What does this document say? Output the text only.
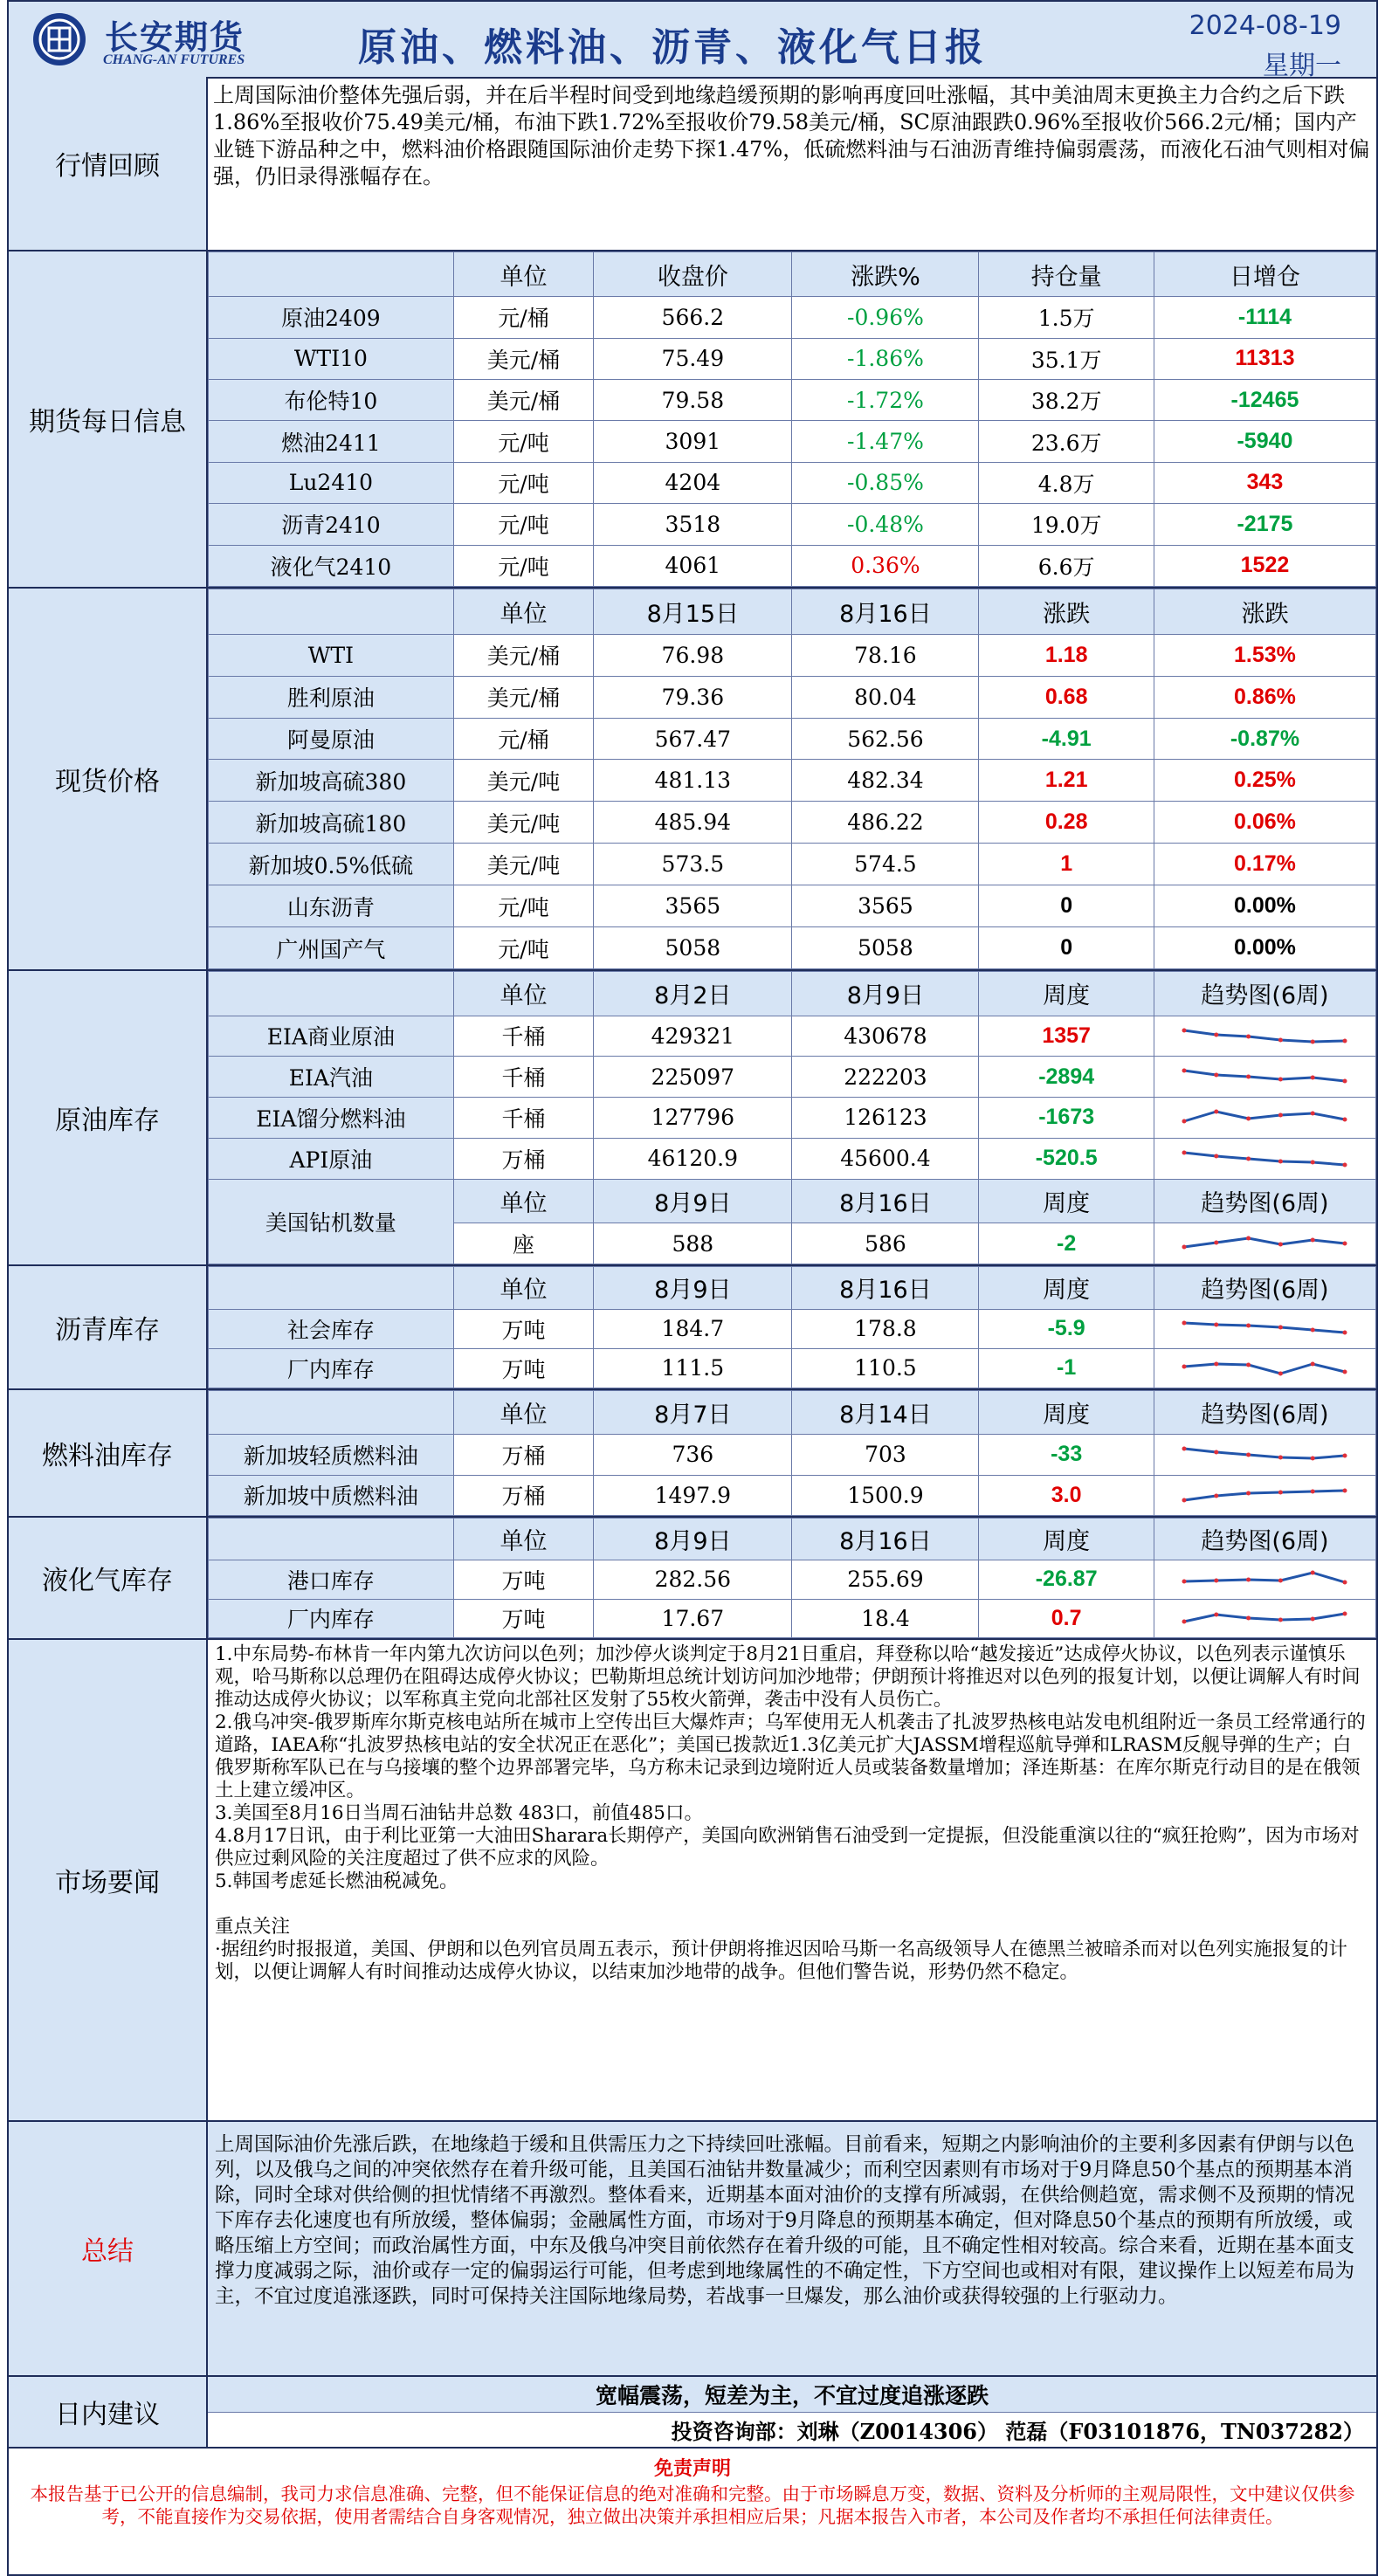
长安期货
CHANG-AN FUTURES	原油、燃料油、沥青、液化气日报	2024-08-19
星期一
行情回顾
上周国际油价整体先强后弱，并在后半程时间受到地缘趋缓预期的影响再度回吐涨幅，其中美油周末更换主力合约之后下跌1.86%至报收价75.49美元/桶，布油下跌1.72%至报收价79.58美元/桶，SC原油跟跌0.96%至报收价566.2元/桶；国内产业链下游品种之中，燃料油价格跟随国际油价走势下探1.47%，低硫燃料油与石油沥青维持偏弱震荡，而液化石油气则相对偏强，仍旧录得涨幅存在。
期货每日信息
	单位	收盘价	涨跌%	持仓量	日增仓
原油2409	元/桶	566.2	-0.96%	1.5万	-1114
WTI10	美元/桶	75.49	-1.86%	35.1万	11313
布伦特10	美元/桶	79.58	-1.72%	38.2万	-12465
燃油2411	元/吨	3091	-1.47%	23.6万	-5940
Lu2410	元/吨	4204	-0.85%	4.8万	343
沥青2410	元/吨	3518	-0.48%	19.0万	-2175
液化气2410	元/吨	4061	0.36%	6.6万	1522
现货价格
	单位	8月15日	8月16日	涨跌	涨跌
WTI	美元/桶	76.98	78.16	1.18	1.53%
胜利原油	美元/桶	79.36	80.04	0.68	0.86%
阿曼原油	元/桶	567.47	562.56	-4.91	-0.87%
新加坡高硫380	美元/吨	481.13	482.34	1.21	0.25%
新加坡高硫180	美元/吨	485.94	486.22	0.28	0.06%
新加坡0.5%低硫	美元/吨	573.5	574.5	1	0.17%
山东沥青	元/吨	3565	3565	0	0.00%
广州国产气	元/吨	5058	5058	0	0.00%
原油库存
	单位	8月2日	8月9日	周度	趋势图(6周)
EIA商业原油	千桶	429321	430678	1357	

EIA汽油	千桶	225097	222203	-2894	

EIA馏分燃料油	千桶	127796	126123	-1673	

API原油	万桶	46120.9	45600.4	-520.5	

美国钻机数量	单位	8月9日	8月16日	周度	趋势图(6周)
	座	588	586	-2	
沥青库存
	单位	8月9日	8月16日	周度	趋势图(6周)
社会库存	万吨	184.7	178.8	-5.9	

厂内库存	万吨	111.5	110.5	-1	
燃料油库存
	单位	8月7日	8月14日	周度	趋势图(6周)
新加坡轻质燃料油	万桶	736	703	-33	

新加坡中质燃料油	万桶	1497.9	1500.9	3.0	
液化气库存
	单位	8月9日	8月16日	周度	趋势图(6周)
港口库存	万吨	282.56	255.69	-26.87	

厂内库存	万吨	17.67	18.4	0.7	
市场要闻
1.中东局势-布林肯一年内第九次访问以色列；加沙停火谈判定于8月21日重启，拜登称以哈“越发接近”达成停火协议，以色列表示谨慎乐观，哈马斯称以总理仍在阻碍达成停火协议；巴勒斯坦总统计划访问加沙地带；伊朗预计将推迟对以色列的报复计划，以便让调解人有时间推动达成停火协议；以军称真主党向北部社区发射了55枚火箭弹，袭击中没有人员伤亡。
2.俄乌冲突-俄罗斯库尔斯克核电站所在城市上空传出巨大爆炸声；乌军使用无人机袭击了扎波罗热核电站发电机组附近一条员工经常通行的道路，IAEA称“扎波罗热核电站的安全状况正在恶化”；美国已拨款近1.3亿美元扩大JASSM增程巡航导弹和LRASM反舰导弹的生产；白俄罗斯称军队已在与乌接壤的整个边界部署完毕，乌方称未记录到边境附近人员或装备数量增加；泽连斯基：在库尔斯克行动目的是在俄领土上建立缓冲区。
3.美国至8月16日当周石油钻井总数 483口，前值485口。
4.8月17日讯，由于利比亚第一大油田Sharara长期停产，美国向欧洲销售石油受到一定提振，但没能重演以往的“疯狂抢购”，因为市场对供应过剩风险的关注度超过了供不应求的风险。
5.韩国考虑延长燃油税减免。

重点关注
·据纽约时报报道，美国、伊朗和以色列官员周五表示，预计伊朗将推迟因哈马斯一名高级领导人在德黑兰被暗杀而对以色列实施报复的计划，以便让调解人有时间推动达成停火协议，以结束加沙地带的战争。但他们警告说，形势仍然不稳定。
总结
上周国际油价先涨后跌，在地缘趋于缓和且供需压力之下持续回吐涨幅。目前看来，短期之内影响油价的主要利多因素有伊朗与以色列，以及俄乌之间的冲突依然存在着升级可能，且美国石油钻井数量减少；而利空因素则有市场对于9月降息50个基点的预期基本消除，同时全球对供给侧的担忧情绪不再激烈。整体看来，近期基本面对油价的支撑有所减弱，在供给侧趋宽，需求侧不及预期的情况下库存去化速度也有所放缓，整体偏弱；金融属性方面，市场对于9月降息的预期基本确定，但对降息50个基点的预期有所放缓，或略压缩上方空间；而政治属性方面，中东及俄乌冲突目前依然存在着升级的可能，且不确定性相对较高。综合来看，近期在基本面支撑力度减弱之际，油价或存一定的偏弱运行可能，但考虑到地缘属性的不确定性，下方空间也或相对有限，建议操作上以短差布局为主，不宜过度追涨逐跌，同时可保持关注国际地缘局势，若战事一旦爆发，那么油价或获得较强的上行驱动力。
日内建议
宽幅震荡，短差为主，不宜过度追涨逐跌
投资咨询部：刘琳（Z0014306） 范磊（F03101876，TN037282）
免责声明
本报告基于已公开的信息编制，我司力求信息准确、完整，但不能保证信息的绝对准确和完整。由于市场瞬息万变，数据、资料及分析师的主观局限性，文中建议仅供参考，不能直接作为交易依据，使用者需结合自身客观情况，独立做出决策并承担相应后果；凡据本报告入市者，本公司及作者均不承担任何法律责任。
